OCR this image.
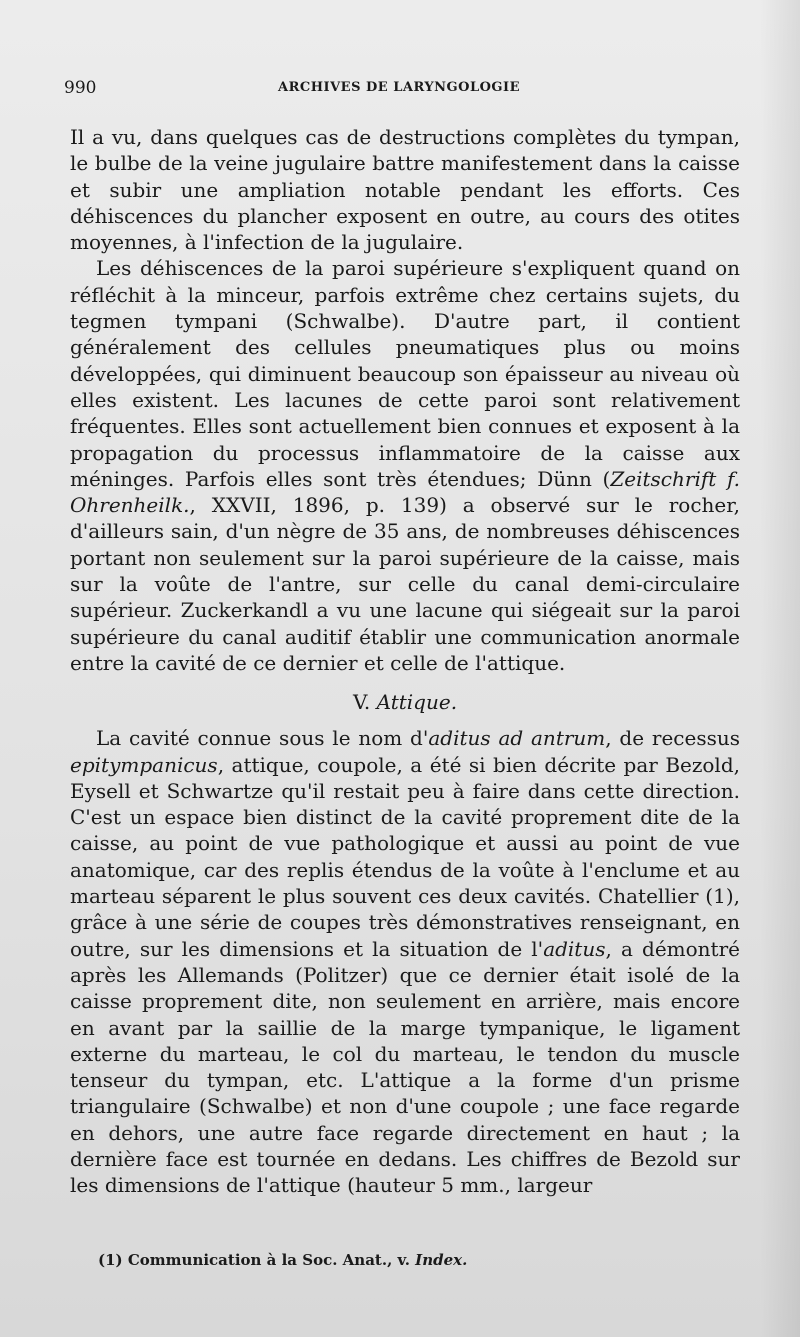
990	ARCHIVES DE LARYNGOLOGIE

Il a vu, dans quelques cas de destructions complètes du tympan, le bulbe de la veine jugulaire battre manifestement dans la caisse et subir une ampliation notable pendant les efforts. Ces déhiscences du plancher exposent en outre, au cours des otites moyennes, à l'infection de la jugulaire.

Les déhiscences de la paroi supérieure s'expliquent quand on réfléchit à la minceur, parfois extrême chez certains sujets, du tegmen tympani (Schwalbe). D'autre part, il contient généralement des cellules pneumatiques plus ou moins développées, qui diminuent beaucoup son épaisseur au niveau où elles existent. Les lacunes de cette paroi sont relativement fréquentes. Elles sont actuellement bien connues et exposent à la propagation du processus inflammatoire de la caisse aux méninges. Parfois elles sont très étendues; Dünn (Zeitschrift f. Ohrenheilk., XXVII, 1896, p. 139) a observé sur le rocher, d'ailleurs sain, d'un nègre de 35 ans, de nombreuses déhiscences portant non seulement sur la paroi supérieure de la caisse, mais sur la voûte de l'antre, sur celle du canal demi-circulaire supérieur. Zuckerkandl a vu une lacune qui siégeait sur la paroi supérieure du canal auditif établir une communication anormale entre la cavité de ce dernier et celle de l'attique.

V. Attique.

La cavité connue sous le nom d'aditus ad antrum, de recessus epitympanicus, attique, coupole, a été si bien décrite par Bezold, Eysell et Schwartze qu'il restait peu à faire dans cette direction. C'est un espace bien distinct de la cavité proprement dite de la caisse, au point de vue pathologique et aussi au point de vue anatomique, car des replis étendus de la voûte à l'enclume et au marteau séparent le plus souvent ces deux cavités. Chatellier (1), grâce à une série de coupes très démonstratives renseignant, en outre, sur les dimensions et la situation de l'aditus, a démontré après les Allemands (Politzer) que ce dernier était isolé de la caisse proprement dite, non seulement en arrière, mais encore en avant par la saillie de la marge tympanique, le ligament externe du marteau, le col du marteau, le tendon du muscle tenseur du tympan, etc. L'attique a la forme d'un prisme triangulaire (Schwalbe) et non d'une coupole ; une face regarde en dehors, une autre face regarde directement en haut ; la dernière face est tournée en dedans. Les chiffres de Bezold sur les dimensions de l'attique (hauteur 5 mm., largeur

(1) Communication à la Soc. Anat., v. Index.
